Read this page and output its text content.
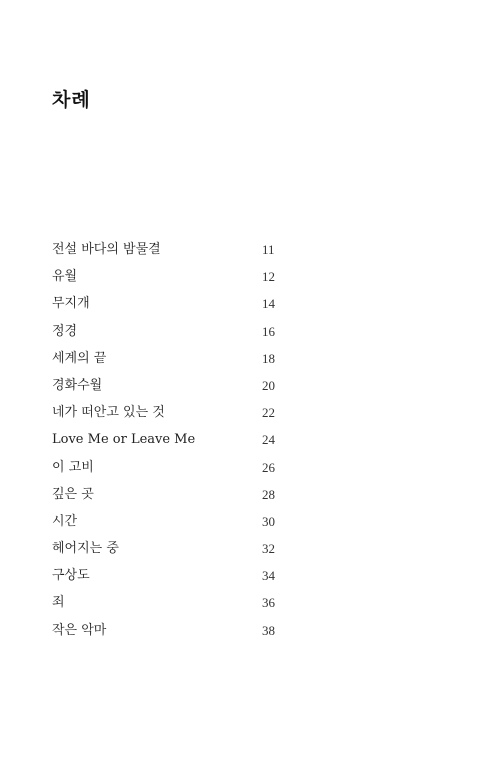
차례
전설 바다의 밤물결	11
유월	12
무지개	14
정경	16
세계의 끝	18
경화수월	20
네가 떠안고 있는 것	22
Love Me or Leave Me	24
이 고비	26
깊은 곳	28
시간	30
헤어지는 중	32
구상도	34
죄	36
작은 악마	38
